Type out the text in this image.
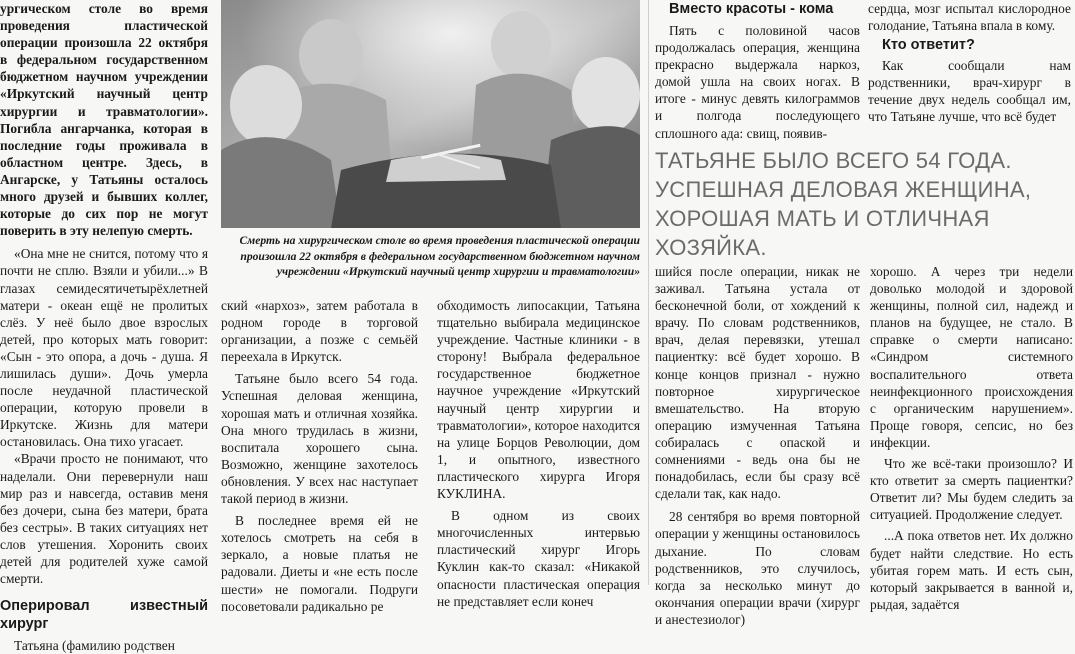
ургическом столе во время проведения пластической операции произошла 22 октября в федеральном государственном бюджетном научном учреждении «Иркутский научный центр хирургии и травматологии». Погибла ангарчанка, которая в последние годы проживала в областном центре. Здесь, в Ангарске, у Татьяны осталось много друзей и бывших коллег, которые до сих пор не могут поверить в эту нелепую смерть.

«Она мне не снится, потому что я почти не сплю. Взяли и убили...» В глазах семидесятичетырёхлетней матери - океан ещё не пролитых слёз. У неё было двое взрослых детей, про которых мать говорит: «Сын - это опора, а дочь - душа. Я лишилась души». Дочь умерла после неудачной пластической операции, которую провели в Иркутске. Жизнь для матери остановилась. Она тихо угасает.

«Врачи просто не понимают, что наделали. Они перевернули наш мир раз и навсегда, оставив меня без дочери, сына без матери, брата без сестры». В таких ситуациях нет слов утешения. Хоронить своих детей для родителей хуже самой смерти.

Оперировал известный хирург

Татьяна (фамилию родствен

Смерть на хирургическом столе во время проведения пластической операции произошла 22 октября в федеральном государственном бюджетном научном учреждении «Иркутский научный центр хирургии и травматологии»

ский «нархоз», затем работала в родном городе в торговой организации, а позже с семьёй переехала в Иркутск.

Татьяне было всего 54 года. Успешная деловая женщина, хорошая мать и отличная хозяйка. Она много трудилась в жизни, воспитала хорошего сына. Возможно, женщине захотелось обновления. У всех нас наступает такой период в жизни.

В последнее время ей не хотелось смотреть на себя в зеркало, а новые платья не радовали. Диеты и «не есть после шести» не помогали. Подруги посоветовали радикально ре

обходимость липосакции, Татьяна тщательно выбирала медицинское учреждение. Частные клиники - в сторону! Выбрала федеральное государственное бюджетное научное учреждение «Иркутский научный центр хирургии и травматологии», которое находится на улице Борцов Революции, дом 1, и опытного, известного пластического хирурга Игоря КУКЛИНА.

В одном из своих многочисленных интервью пластический хирург Игорь Куклин как-то сказал: «Никакой опасности пластическая операция не представляет если конеч

Вместо красоты - кома

Пять с половиной часов продолжалась операция, женщина прекрасно выдержала наркоз, домой ушла на своих ногах. В итоге - минус девять килограммов и полгода последующего сплошного ада: свищ, появив-

сердца, мозг испытал кислородное голодание, Татьяна впала в кому.

Кто ответит?

Как сообщали нам родственники, врач-хирург в течение двух недель сообщал им, что Татьяне лучше, что всё будет

ТАТЬЯНЕ БЫЛО ВСЕГО 54 ГОДА. УСПЕШНАЯ ДЕЛОВАЯ ЖЕНЩИНА, ХОРОШАЯ МАТЬ И ОТЛИЧНАЯ ХОЗЯЙКА.

шийся после операции, никак не заживал. Татьяна устала от бесконечной боли, от хождений к врачу. По словам родственников, врач, делая перевязки, утешал пациентку: всё будет хорошо. В конце концов признал - нужно повторное хирургическое вмешательство. На вторую операцию измученная Татьяна собиралась с опаской и сомнениями - ведь она бы не понадобилась, если бы сразу всё сделали так, как надо.

28 сентября во время повторной операции у женщины остановилось дыхание. По словам родственников, это случилось, когда за несколько минут до окончания операции врачи (хирург и анестезиолог)

хорошо. А через три недели доволько молодой и здоровой женщины, полной сил, надежд и планов на будущее, не стало. В справке о смерти написано: «Синдром системного воспалительного ответа неинфекционного происхождения с органическим нарушением». Проще говоря, сепсис, но без инфекции.

Что же всё-таки произошло? И кто ответит за смерть пациентки? Ответит ли? Мы будем следить за ситуацией. Продолжение следует.

...А пока ответов нет. Их должно будет найти следствие. Но есть убитая горем мать. И есть сын, который закрывается в ванной и, рыдая, задаётся
